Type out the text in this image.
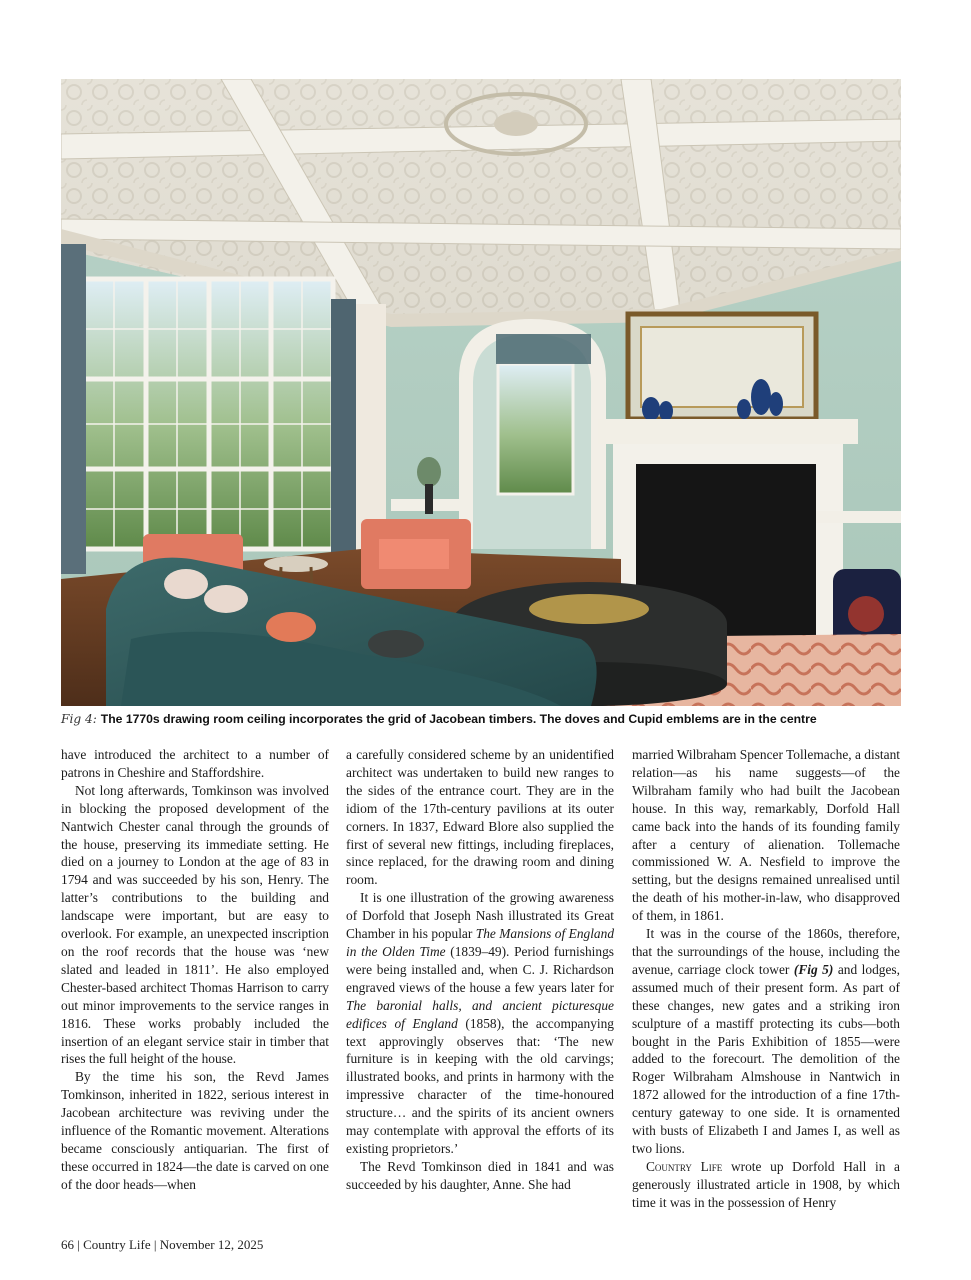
Fig 4: The 1770s drawing room ceiling incorporates the grid of Jacobean timbers. The doves and Cupid emblems are in the centre

have introduced the architect to a number of patrons in Cheshire and Staffordshire.

Not long afterwards, Tomkinson was involved in blocking the proposed development of the Nantwich Chester canal through the grounds of the house, preserving its immediate setting. He died on a journey to London at the age of 83 in 1794 and was succeeded by his son, Henry. The latter’s contributions to the building and landscape were important, but are easy to overlook. For example, an unexpected inscription on the roof records that the house was ‘new slated and leaded in 1811’. He also employed Chester-based architect Thomas Harrison to carry out minor improvements to the service ranges in 1816. These works probably included the insertion of an elegant service stair in timber that rises the full height of the house.

By the time his son, the Revd James Tomkinson, inherited in 1822, serious interest in Jacobean architecture was reviving under the influence of the Romantic movement. Alterations became consciously antiquarian. The first of these occurred in 1824—the date is carved on one of the door heads—when

a carefully considered scheme by an unidentified architect was undertaken to build new ranges to the sides of the entrance court. They are in the idiom of the 17th-century pavilions at its outer corners. In 1837, Edward Blore also supplied the first of several new fittings, including fireplaces, since replaced, for the drawing room and dining room.

It is one illustration of the growing awareness of Dorfold that Joseph Nash illustrated its Great Chamber in his popular The Mansions of England in the Olden Time (1839–49). Period furnishings were being installed and, when C. J. Richardson engraved views of the house a few years later for The baronial halls, and ancient picturesque edifices of England (1858), the accompanying text approvingly observes that: ‘The new furniture is in keeping with the old carvings; illustrated books, and prints in harmony with the impressive character of the time-honoured structure… and the spirits of its ancient owners may contemplate with approval the efforts of its existing proprietors.’

The Revd Tomkinson died in 1841 and was succeeded by his daughter, Anne. She had

married Wilbraham Spencer Tollemache, a distant relation—as his name suggests—of the Wilbraham family who had built the Jacobean house. In this way, remarkably, Dorfold Hall came back into the hands of its founding family after a century of alienation. Tollemache commissioned W. A. Nesfield to improve the setting, but the designs remained unrealised until the death of his mother-in-law, who disapproved of them, in 1861.

It was in the course of the 1860s, therefore, that the surroundings of the house, including the avenue, carriage clock tower (Fig 5) and lodges, assumed much of their present form. As part of these changes, new gates and a striking iron sculpture of a mastiff protecting its cubs—both bought in the Paris Exhibition of 1855—were added to the forecourt. The demolition of the Roger Wilbraham Almshouse in Nantwich in 1872 allowed for the introduction of a fine 17th-century gateway to one side. It is ornamented with busts of Elizabeth I and James I, as well as two lions.

Country Life wrote up Dorfold Hall in a generously illustrated article in 1908, by which time it was in the possession of Henry

66 | Country Life | November 12, 2025
